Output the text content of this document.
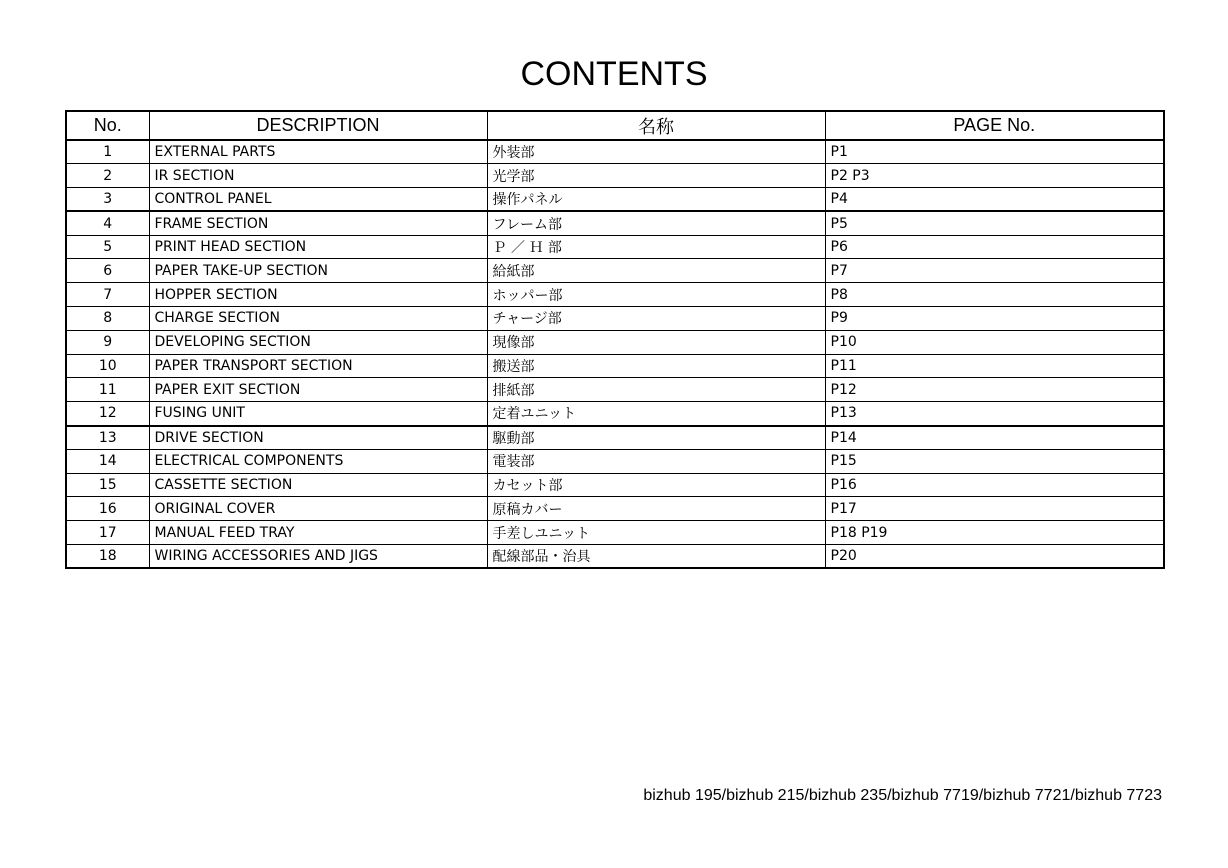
CONTENTS
No.	DESCRIPTION	名称	PAGE No.
1	EXTERNAL PARTS	外装部	P1
2	IR SECTION	光学部	P2 P3
3	CONTROL PANEL	操作パネル	P4
4	FRAME SECTION	フレーム部	P5
5	PRINT HEAD SECTION	Ｐ ／ Ｈ 部	P6
6	PAPER TAKE-UP SECTION	給紙部	P7
7	HOPPER SECTION	ホッパー部	P8
8	CHARGE SECTION	チャージ部	P9
9	DEVELOPING SECTION	現像部	P10
10	PAPER TRANSPORT SECTION	搬送部	P11
11	PAPER EXIT SECTION	排紙部	P12
12	FUSING UNIT	定着ユニット	P13
13	DRIVE SECTION	駆動部	P14
14	ELECTRICAL COMPONENTS	電装部	P15
15	CASSETTE SECTION	カセット部	P16
16	ORIGINAL COVER	原稿カバー	P17
17	MANUAL FEED TRAY	手差しユニット	P18 P19
18	WIRING ACCESSORIES AND JIGS	配線部品・治具	P20
bizhub 195/bizhub 215/bizhub 235/bizhub 7719/bizhub 7721/bizhub 7723
